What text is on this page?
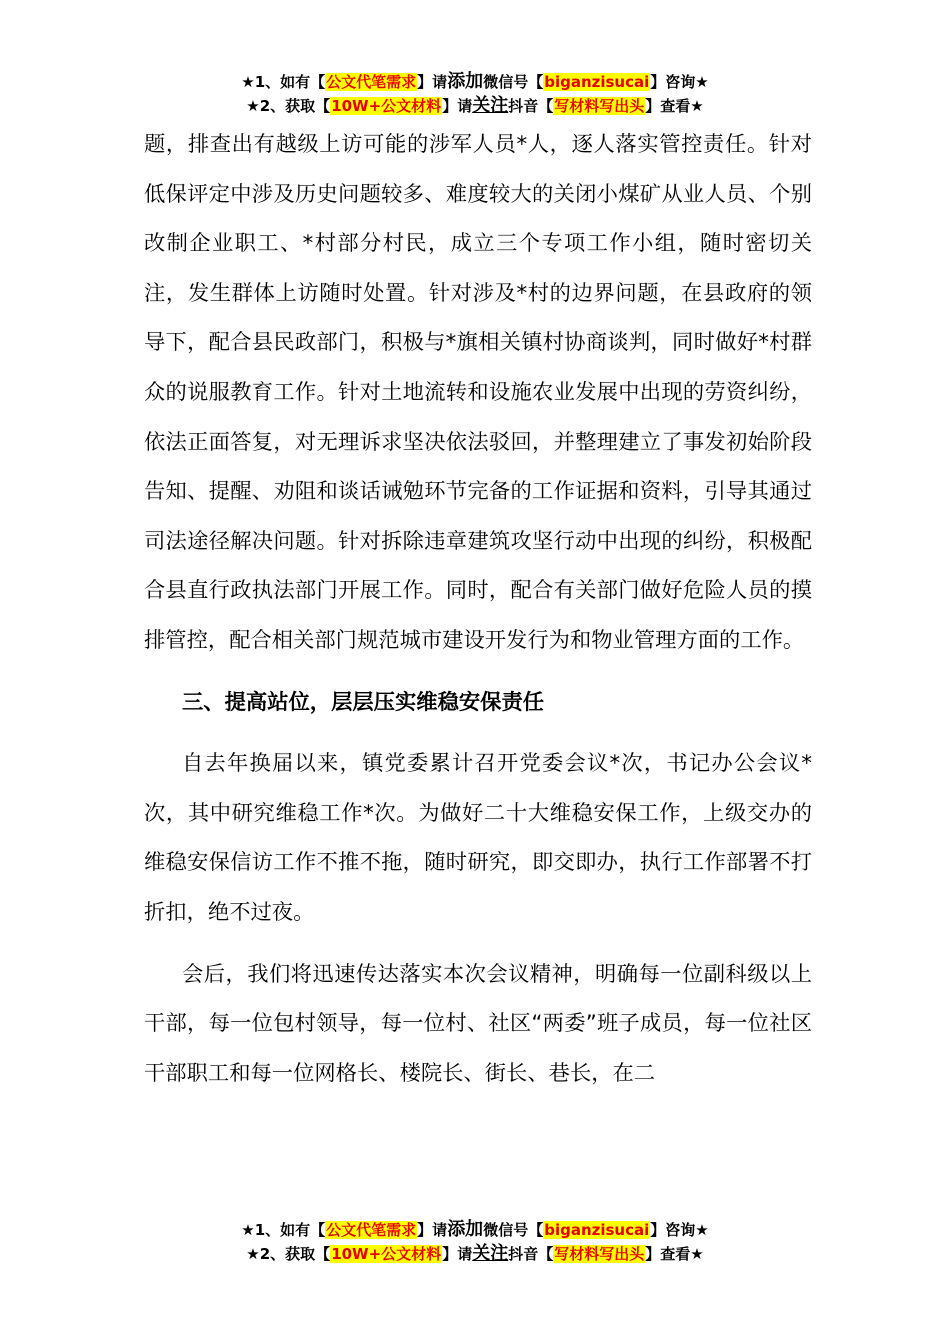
★1、如有【公文代笔需求】请添加微信号【biganzisucai】咨询★
★2、获取【10W+公文材料】请关注抖音【写材料写出头】查看★

题，排查出有越级上访可能的涉军人员*人，逐人落实管控责任。针对低保评定中涉及历史问题较多、难度较大的关闭小煤矿从业人员、个别改制企业职工、*村部分村民，成立三个专项工作小组，随时密切关注，发生群体上访随时处置。针对涉及*村的边界问题，在县政府的领导下，配合县民政部门，积极与*旗相关镇村协商谈判，同时做好*村群众的说服教育工作。针对土地流转和设施农业发展中出现的劳资纠纷，依法正面答复，对无理诉求坚决依法驳回，并整理建立了事发初始阶段告知、提醒、劝阻和谈话诫勉环节完备的工作证据和资料，引导其通过司法途径解决问题。针对拆除违章建筑攻坚行动中出现的纠纷，积极配合县直行政执法部门开展工作。同时，配合有关部门做好危险人员的摸排管控，配合相关部门规范城市建设开发行为和物业管理方面的工作。

三、提高站位，层层压实维稳安保责任

自去年换届以来，镇党委累计召开党委会议*次，书记办公会议*次，其中研究维稳工作*次。为做好二十大维稳安保工作，上级交办的维稳安保信访工作不推不拖，随时研究，即交即办，执行工作部署不打折扣，绝不过夜。

会后，我们将迅速传达落实本次会议精神，明确每一位副科级以上干部，每一位包村领导，每一位村、社区“两委”班子成员，每一位社区干部职工和每一位网格长、楼院长、街长、巷长，在二

★1、如有【公文代笔需求】请添加微信号【biganzisucai】咨询★
★2、获取【10W+公文材料】请关注抖音【写材料写出头】查看★
